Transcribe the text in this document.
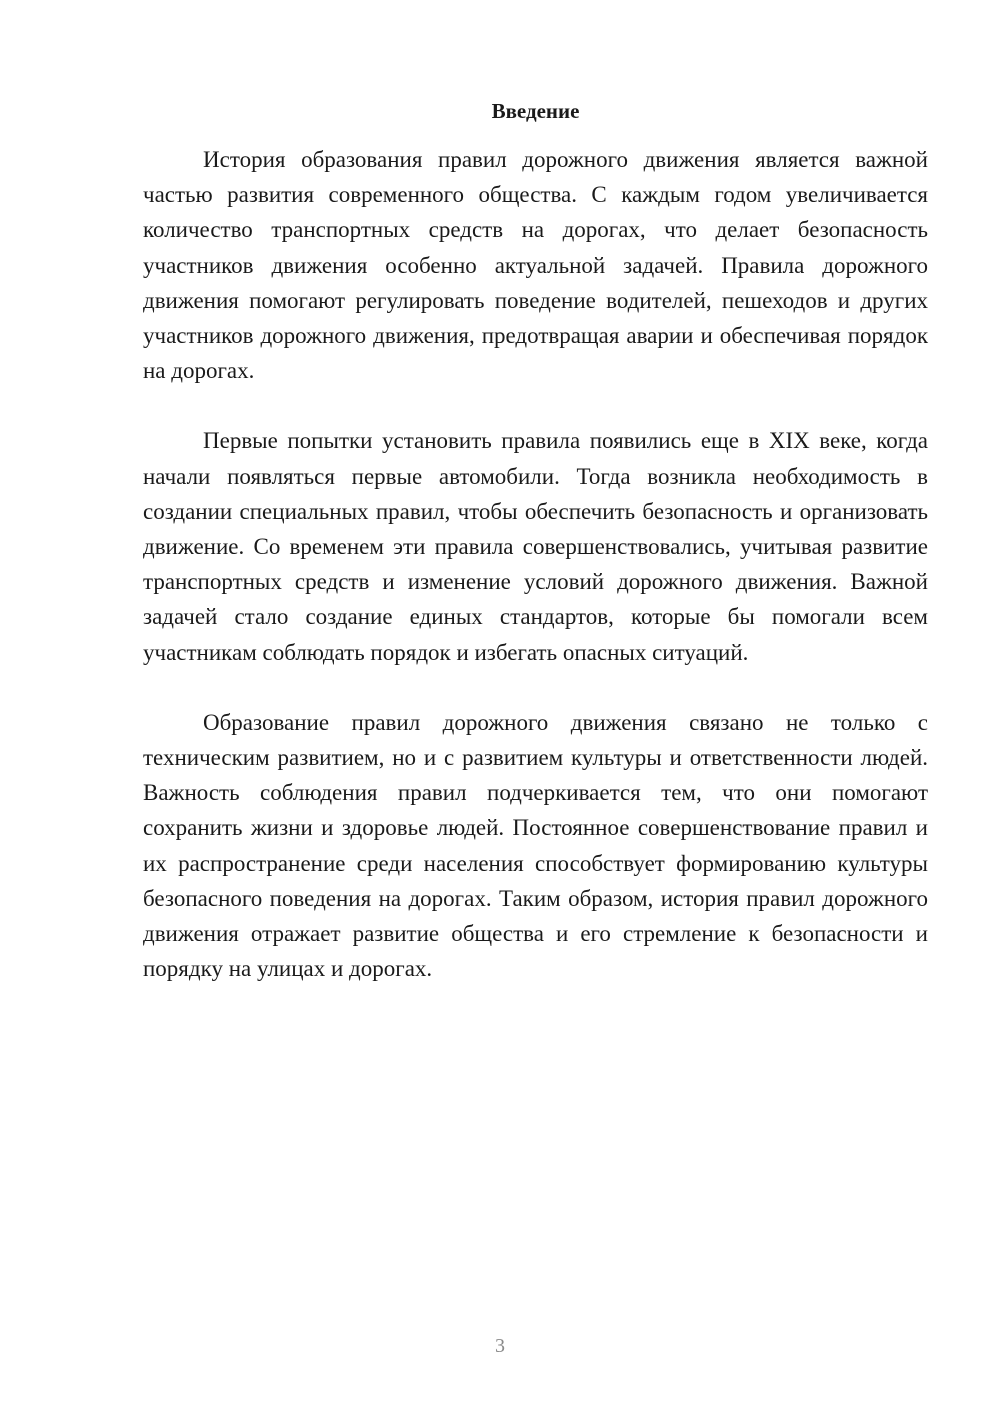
Введение

История образования правил дорожного движения является важной частью развития современного общества. С каждым годом увеличивается количество транспортных средств на дорогах, что делает безопасность участников движения особенно актуальной задачей. Правила дорожного движения помогают регулировать поведение водителей, пешеходов и других участников дорожного движения, предотвращая аварии и обеспечивая порядок на дорогах.

Первые попытки установить правила появились еще в XIX веке, когда начали появляться первые автомобили. Тогда возникла необходимость в создании специальных правил, чтобы обеспечить безопасность и организовать движение. Со временем эти правила совершенствовались, учитывая развитие транспортных средств и изменение условий дорожного движения. Важной задачей стало создание единых стандартов, которые бы помогали всем участникам соблюдать порядок и избегать опасных ситуаций.

Образование правил дорожного движения связано не только с техническим развитием, но и с развитием культуры и ответственности людей. Важность соблюдения правил подчеркивается тем, что они помогают сохранить жизни и здоровье людей. Постоянное совершенствование правил и их распространение среди населения способствует формированию культуры безопасного поведения на дорогах. Таким образом, история правил дорожного движения отражает развитие общества и его стремление к безопасности и порядку на улицах и дорогах.

3
